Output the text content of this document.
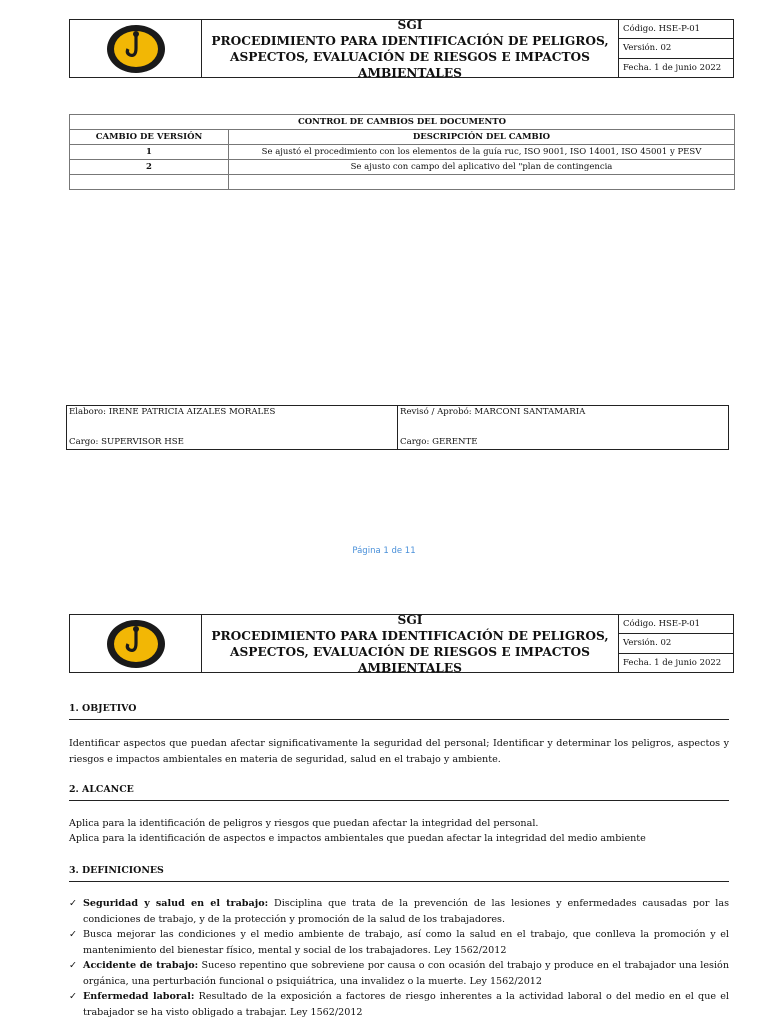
GSS
SGI
PROCEDIMIENTO PARA IDENTIFICACIÓN DE PELIGROS,
ASPECTOS, EVALUACIÓN DE RIESGOS E IMPACTOS AMBIENTALES
Código. HSE-P-01
Versión. 02
Fecha. 1 de junio 2022
CONTROL DE CAMBIOS DEL DOCUMENTO	
CAMBIO DE VERSIÓN	DESCRIPCIÓN DEL CAMBIO
1	Se ajustó el procedimiento con los elementos de la guía ruc, ISO 9001, ISO 14001, ISO 45001 y PESV
2	Se ajusto con campo del aplicativo del "plan de contingencia

Elaboro: IRENE PATRICIA AIZALES MORALES
Cargo: SUPERVISOR HSE
Revisó / Aprobó: MARCONI SANTAMARIA
Cargo: GERENTE
Página 1 de 11
GSS
SGI
PROCEDIMIENTO PARA IDENTIFICACIÓN DE PELIGROS,
ASPECTOS, EVALUACIÓN DE RIESGOS E IMPACTOS AMBIENTALES
Código. HSE-P-01
Versión. 02
Fecha. 1 de junio 2022
1. OBJETIVO
Identificar aspectos que puedan afectar significativamente la seguridad del personal; Identificar y determinar los peligros, aspectos y riesgos e impactos ambientales en materia de seguridad, salud en el trabajo y ambiente.
2. ALCANCE
Aplica para la identificación de peligros y riesgos que puedan afectar la integridad del personal.
Aplica para la identificación de aspectos e impactos ambientales que puedan afectar la integridad del medio ambiente
3. DEFINICIONES
✓ Seguridad y salud en el trabajo: Disciplina que trata de la prevención de las lesiones y enfermedades causadas por las condiciones de trabajo, y de la protección y promoción de la salud de los trabajadores.
✓ Busca mejorar las condiciones y el medio ambiente de trabajo, así como la salud en el trabajo, que conlleva la promoción y el mantenimiento del bienestar físico, mental y social de los trabajadores. Ley 1562/2012
✓ Accidente de trabajo: Suceso repentino que sobreviene por causa o con ocasión del trabajo y produce en el trabajador una lesión orgánica, una perturbación funcional o psiquiátrica, una invalidez o la muerte. Ley 1562/2012
✓ Enfermedad laboral: Resultado de la exposición a factores de riesgo inherentes a la actividad laboral o del medio en el que el trabajador se ha visto obligado a trabajar. Ley 1562/2012
